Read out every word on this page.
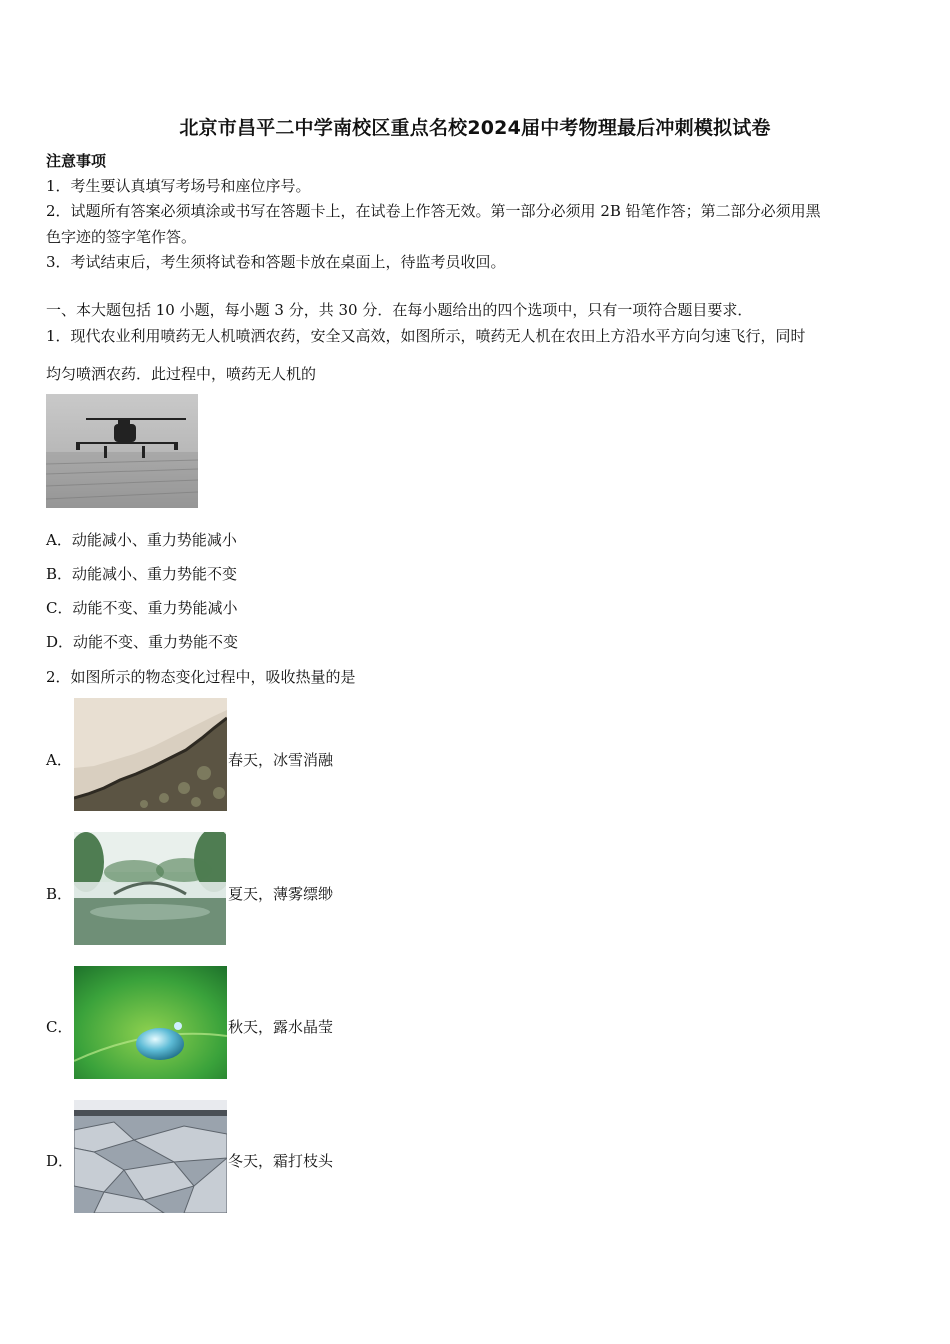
北京市昌平二中学南校区重点名校2024届中考物理最后冲刺模拟试卷
注意事项
1．考生要认真填写考场号和座位序号。
2．试题所有答案必须填涂或书写在答题卡上，在试卷上作答无效。第一部分必须用 2B 铅笔作答；第二部分必须用黑
色字迹的签字笔作答。
3．考试结束后，考生须将试卷和答题卡放在桌面上，待监考员收回。
一、本大题包括 10 小题，每小题 3 分，共 30 分．在每小题给出的四个选项中，只有一项符合题目要求．
1．现代农业利用喷药无人机喷洒农药，安全又高效，如图所示，喷药无人机在农田上方沿水平方向匀速飞行，同时
均匀喷洒农药．此过程中，喷药无人机的
A．动能减小、重力势能减小
B．动能减小、重力势能不变
C．动能不变、重力势能减小
D．动能不变、重力势能不变
2．如图所示的物态变化过程中，吸收热量的是
A．	春天，冰雪消融
B．	夏天，薄雾缥缈
C．	秋天，露水晶莹
D．	冬天，霜打枝头
